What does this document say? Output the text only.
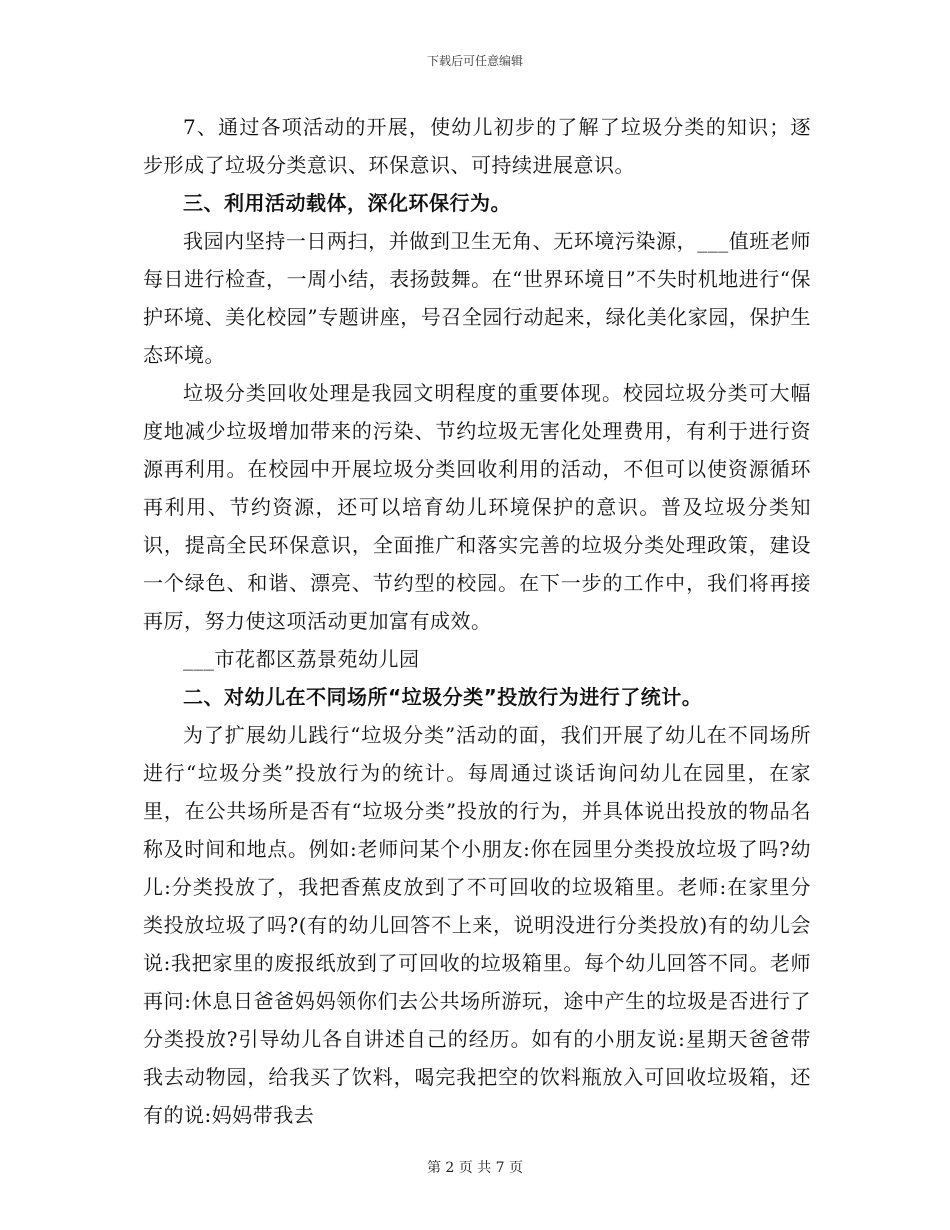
下载后可任意编辑

7、通过各项活动的开展，使幼儿初步的了解了垃圾分类的知识；逐步形成了垃圾分类意识、环保意识、可持续进展意识。

三、利用活动载体，深化环保行为。

我园内坚持一日两扫，并做到卫生无角、无环境污染源，___值班老师每日进行检查，一周小结，表扬鼓舞。在“世界环境日”不失时机地进行“保护环境、美化校园”专题讲座，号召全园行动起来，绿化美化家园，保护生态环境。

垃圾分类回收处理是我园文明程度的重要体现。校园垃圾分类可大幅度地减少垃圾增加带来的污染、节约垃圾无害化处理费用，有利于进行资源再利用。在校园中开展垃圾分类回收利用的活动，不但可以使资源循环再利用、节约资源，还可以培育幼儿环境保护的意识。普及垃圾分类知识，提高全民环保意识，全面推广和落实完善的垃圾分类处理政策，建设一个绿色、和谐、漂亮、节约型的校园。在下一步的工作中，我们将再接再厉，努力使这项活动更加富有成效。

___市花都区荔景苑幼儿园

二、对幼儿在不同场所“垃圾分类”投放行为进行了统计。

为了扩展幼儿践行“垃圾分类”活动的面，我们开展了幼儿在不同场所进行“垃圾分类”投放行为的统计。每周通过谈话询问幼儿在园里，在家里，在公共场所是否有“垃圾分类”投放的行为，并具体说出投放的物品名称及时间和地点。例如:老师问某个小朋友:你在园里分类投放垃圾了吗?幼儿:分类投放了，我把香蕉皮放到了不可回收的垃圾箱里。老师:在家里分类投放垃圾了吗?(有的幼儿回答不上来，说明没进行分类投放)有的幼儿会说:我把家里的废报纸放到了可回收的垃圾箱里。每个幼儿回答不同。老师再问:休息日爸爸妈妈领你们去公共场所游玩，途中产生的垃圾是否进行了分类投放?引导幼儿各自讲述自己的经历。如有的小朋友说:星期天爸爸带我去动物园，给我买了饮料，喝完我把空的饮料瓶放入可回收垃圾箱，还有的说:妈妈带我去

第 2 页 共 7 页
